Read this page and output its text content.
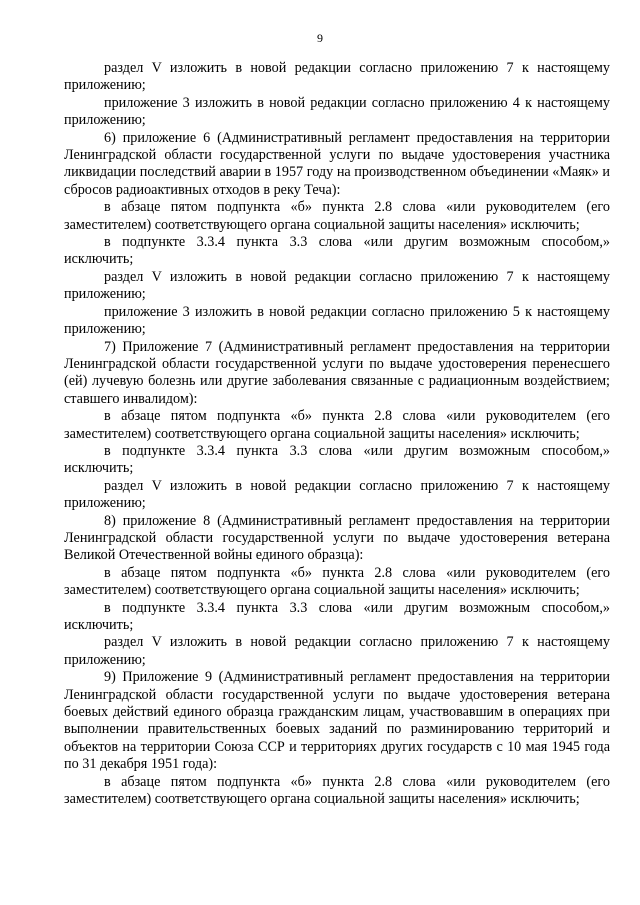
9

раздел V изложить в новой редакции согласно приложению 7 к настоящему приложению;

приложение 3 изложить в новой редакции согласно приложению 4 к настоящему приложению;

6) приложение 6 (Административный регламент предоставления на территории Ленинградской области государственной услуги по выдаче удостоверения участника ликвидации последствий аварии в 1957 году на производственном объединении «Маяк» и сбросов радиоактивных отходов в реку Теча):

в абзаце пятом подпункта «б» пункта 2.8 слова «или руководителем (его заместителем) соответствующего органа социальной защиты населения» исключить;

в подпункте 3.3.4 пункта 3.3 слова «или другим возможным способом,» исключить;

раздел V изложить в новой редакции согласно приложению 7 к настоящему приложению;

приложение 3 изложить в новой редакции согласно приложению 5 к настоящему приложению;

7) Приложение 7 (Административный регламент предоставления на территории Ленинградской области государственной услуги по выдаче удостоверения перенесшего (ей) лучевую болезнь или другие заболевания связанные с радиационным воздействием; ставшего инвалидом):

в абзаце пятом подпункта «б» пункта 2.8 слова «или руководителем (его заместителем) соответствующего органа социальной защиты населения» исключить;

в подпункте 3.3.4 пункта 3.3 слова «или другим возможным способом,» исключить;

раздел V изложить в новой редакции согласно приложению 7 к настоящему приложению;

8) приложение 8 (Административный регламент предоставления на территории Ленинградской области государственной услуги по выдаче удостоверения ветерана Великой Отечественной войны единого образца):

в абзаце пятом подпункта «б» пункта 2.8 слова «или руководителем (его заместителем) соответствующего органа социальной защиты населения» исключить;

в подпункте 3.3.4 пункта 3.3 слова «или другим возможным способом,» исключить;

раздел V изложить в новой редакции согласно приложению 7 к настоящему приложению;

9) Приложение 9 (Административный регламент предоставления на территории Ленинградской области государственной услуги по выдаче удостоверения ветерана боевых действий единого образца гражданским лицам, участвовавшим в операциях при выполнении правительственных боевых заданий по разминированию территорий и объектов на территории Союза ССР и территориях других государств с 10 мая 1945 года по 31 декабря 1951 года):

в абзаце пятом подпункта «б» пункта 2.8 слова «или руководителем (его заместителем) соответствующего органа социальной защиты населения» исключить;
